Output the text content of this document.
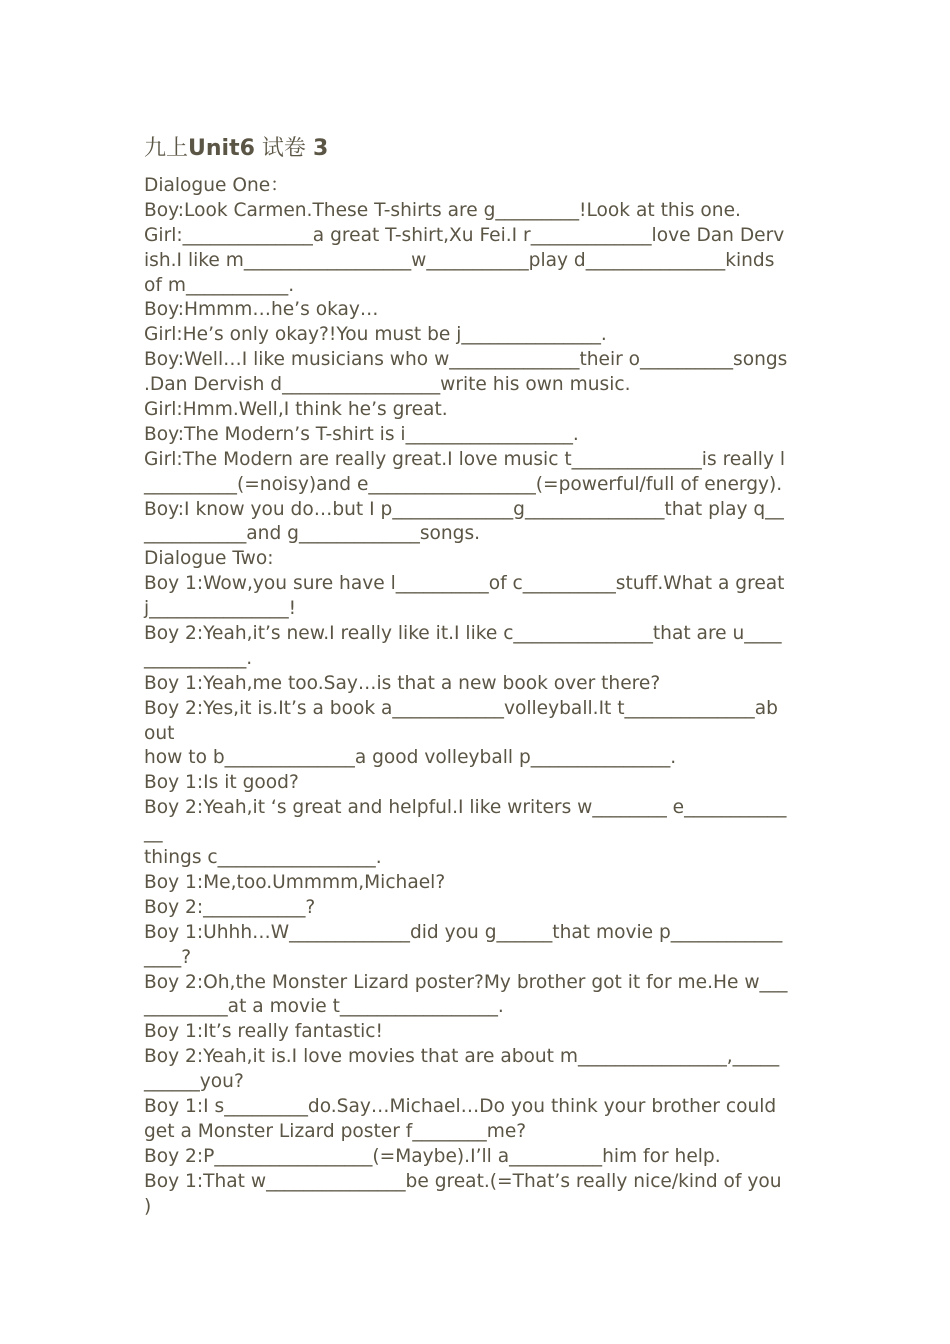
九上Unit6 试卷 3
Dialogue One：
Boy:Look Carmen.These T-shirts are g_________!Look at this one.
Girl:______________a great T-shirt,Xu Fei.I r_____________love Dan Derv
ish.I like m__________________w___________play d_______________kinds
of m___________.
Boy:Hmmm…he’s okay…
Girl:He’s only okay?!You must be j_______________.
Boy:Well…I like musicians who w______________their o__________songs
.Dan Dervish d_________________write his own music.
Girl:Hmm.Well,I think he’s great.
Boy:The Modern’s T-shirt is i__________________.
Girl:The Modern are really great.I love music t______________is really l
__________(=noisy)and e__________________(=powerful/full of energy).
Boy:I know you do…but I p_____________g_______________that play q__
___________and g_____________songs.
Dialogue Two:
Boy 1:Wow,you sure have l__________of c__________stuff.What a great
j_______________!
Boy 2:Yeah,it’s new.I really like it.I like c_______________that are u____
___________.
Boy 1:Yeah,me too.Say…is that a new book over there?
Boy 2:Yes,it is.It’s a book a____________volleyball.It t______________ab
out
how to b______________a good volleyball p_______________.
Boy 1:Is it good?
Boy 2:Yeah,it ‘s great and helpful.I like writers w________ e___________
__
things c_________________.
Boy 1:Me,too.Ummmm,Michael?
Boy 2:___________?
Boy 1:Uhhh…W_____________did you g______that movie p____________
____?
Boy 2:Oh,the Monster Lizard poster?My brother got it for me.He w___
_________at a movie t_________________.
Boy 1:It’s really fantastic!
Boy 2:Yeah,it is.I love movies that are about m________________,_____
______you?
Boy 1:I s_________do.Say…Michael…Do you think your brother could
get a Monster Lizard poster f________me?
Boy 2:P_________________(=Maybe).I’ll a__________him for help.
Boy 1:That w_______________be great.(=That’s really nice/kind of you
)
